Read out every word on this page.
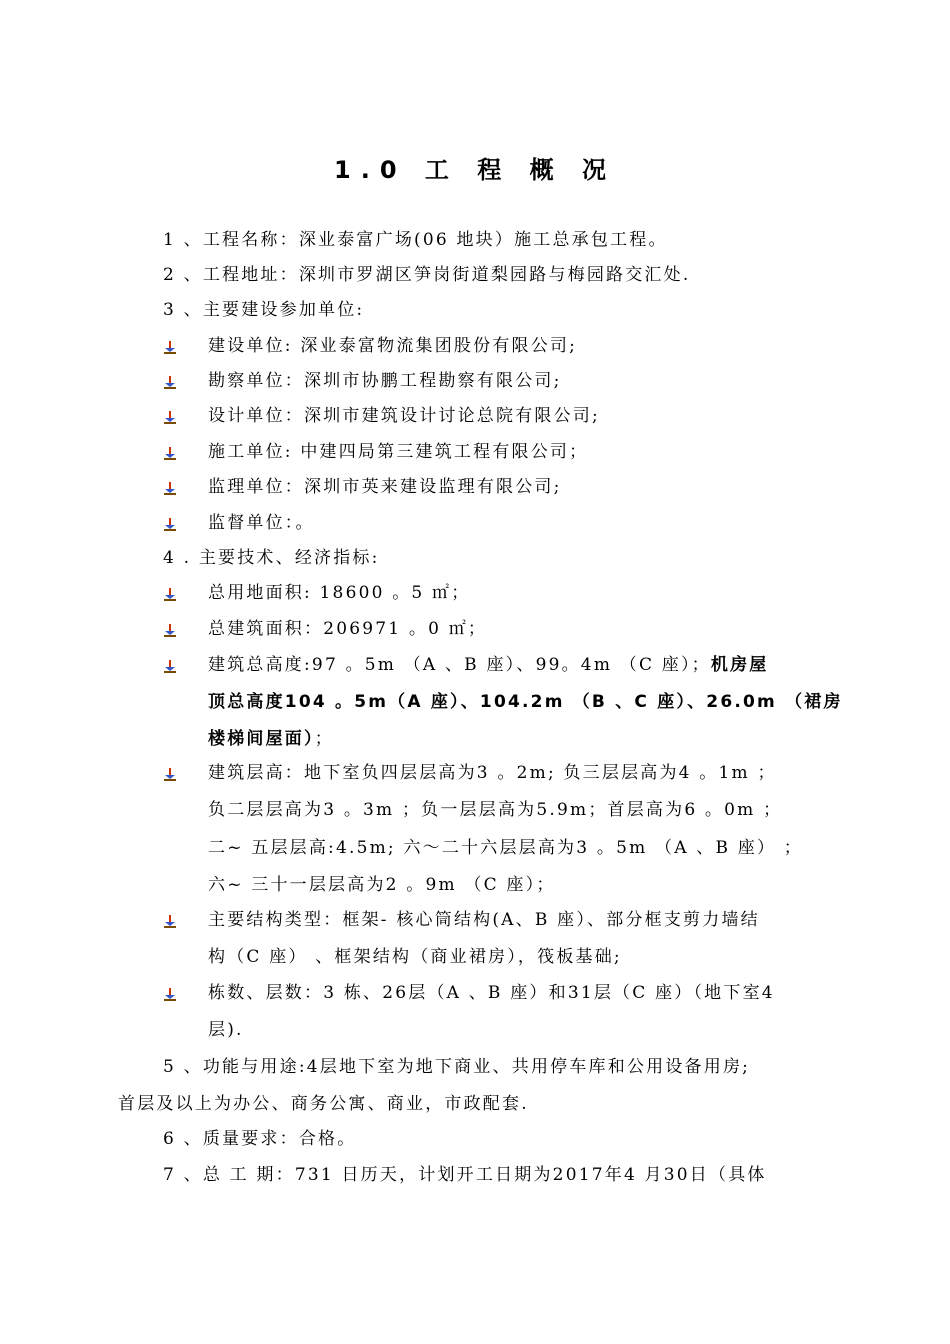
1.0 工 程 概 况
1 、工程名称：深业泰富广场(06 地块）施工总承包工程。
2 、工程地址：深圳市罗湖区笋岗街道梨园路与梅园路交汇处.
3 、主要建设参加单位:
建设单位: 深业泰富物流集团股份有限公司;
勘察单位：深圳市协鹏工程勘察有限公司;
设计单位：深圳市建筑设计讨论总院有限公司;
施工单位: 中建四局第三建筑工程有限公司；
监理单位：深圳市英来建设监理有限公司;
监督单位：。
4 . 主要技术、经济指标:
总用地面积: 18600 。5 ㎡；
总建筑面积：206971 。0 ㎡；
建筑总高度:97 。5m （A 、B 座）、99。4m （C 座）；机房屋
顶总高度104 。5m（A 座）、104.2m （B 、C 座）、26.0m （裙房
楼梯间屋面）；
建筑层高：地下室负四层层高为3 。2m; 负三层层高为4 。1m ；
负二层层高为3 。3m ；负一层层高为5.9m；首层高为6 。0m ；
二~ 五层层高:4.5m; 六～二十六层层高为3 。5m （A 、B 座） ；
六~ 三十一层层高为2 。9m （C 座）；
主要结构类型：框架- 核心筒结构(A、B 座）、部分框支剪力墙结
构（C 座） 、框架结构（商业裙房），筏板基础;
栋数、层数：3 栋、26层（A 、B 座）和31层（C 座）（地下室4
层).
5 、功能与用途:4层地下室为地下商业、共用停车库和公用设备用房;
首层及以上为办公、商务公寓、商业，市政配套.
6 、质量要求：合格。
7 、总 工 期：731 日历天，计划开工日期为2017年4 月30日（具体
